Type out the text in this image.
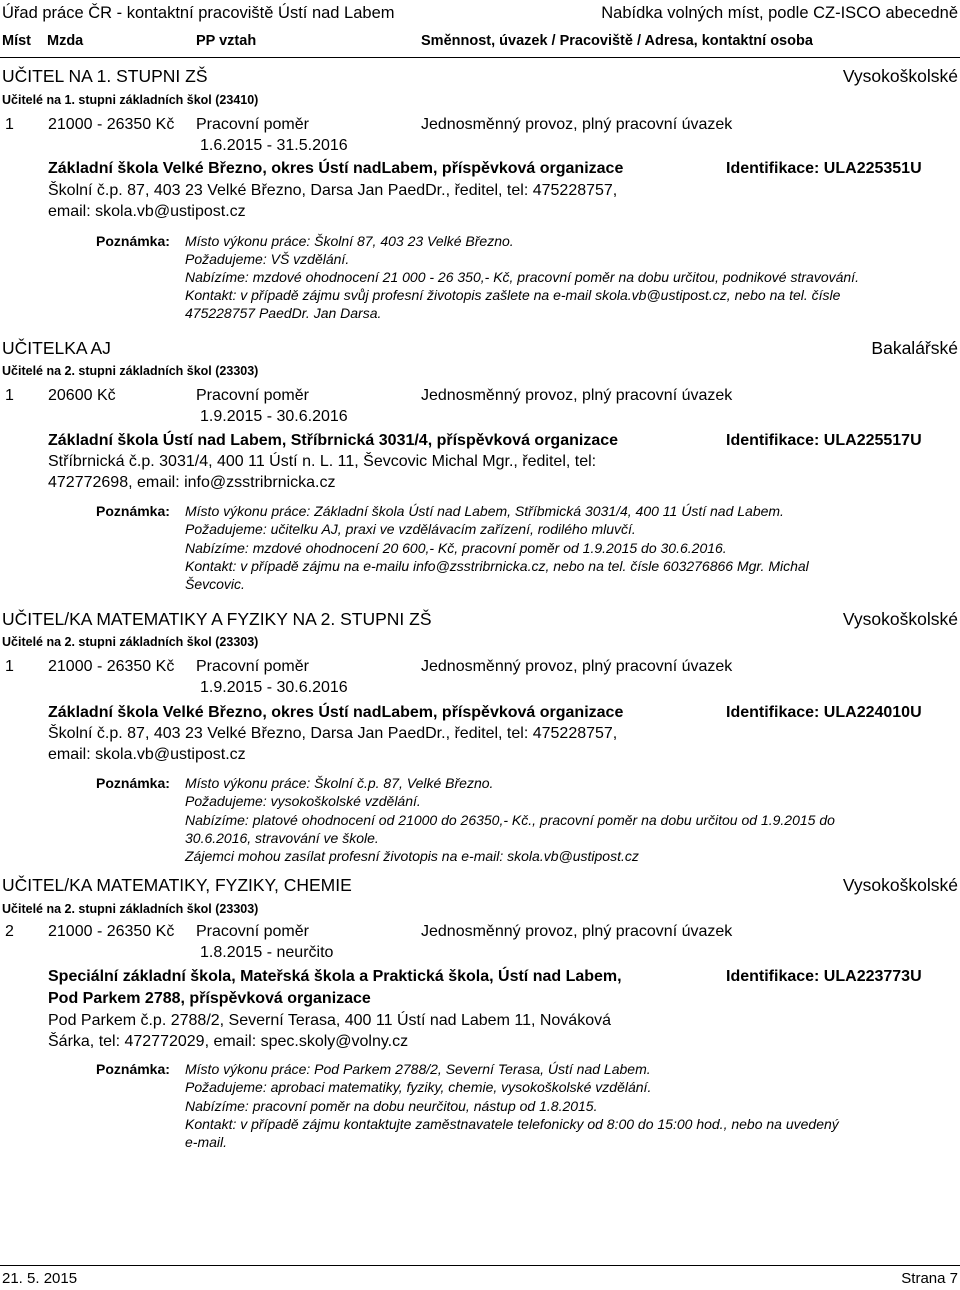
Úřad práce ČR - kontaktní pracoviště Ústí nad Labem	Nabídka volných míst, podle CZ-ISCO abecedně
Míst Mzda	PP vztah	Směnnost, úvazek / Pracoviště / Adresa, kontaktní osoba
UČITEL NA 1. STUPNI ZŠ	Vysokoškolské
Učitelé na 1. stupni základních škol (23410)
1 21000 - 26350 Kč Pracovní poměr	Jednosměnný provoz, plný pracovní úvazek
1.6.2015 - 31.5.2016
Základní škola Velké Březno, okres Ústí nadLabem, příspěvková organizace	Identifikace: ULA225351U
Školní č.p. 87, 403 23 Velké Březno, Darsa Jan PaedDr., ředitel, tel: 475228757,
email: skola.vb@ustipost.cz
Poznámka: Místo výkonu práce: Školní 87, 403 23 Velké Březno.
Požadujeme: VŠ vzdělání.
Nabízíme: mzdové ohodnocení 21 000 - 26 350,- Kč, pracovní poměr na dobu určitou, podnikové stravování.
Kontakt: v případě zájmu svůj profesní životopis zašlete na e-mail skola.vb@ustipost.cz, nebo na tel. čísle
475228757 PaedDr. Jan Darsa.
UČITELKA AJ	Bakalářské
Učitelé na 2. stupni základních škol (23303)
1 20600 Kč	Pracovní poměr	Jednosměnný provoz, plný pracovní úvazek
1.9.2015 - 30.6.2016
Základní škola Ústí nad Labem, Stříbrnická 3031/4, příspěvková organizace	Identifikace: ULA225517U
Stříbrnická č.p. 3031/4, 400 11 Ústí n. L. 11, Ševcovic Michal Mgr., ředitel, tel:
472772698, email: info@zsstribrnicka.cz
Poznámka: Místo výkonu práce: Základní škola Ústí nad Labem, Stříbmická 3031/4, 400 11 Ústí nad Labem.
Požadujeme: učitelku AJ, praxi ve vzdělávacím zařízení, rodilého mluvčí.
Nabízíme: mzdové ohodnocení 20 600,- Kč, pracovní poměr od 1.9.2015 do 30.6.2016.
Kontakt: v případě zájmu na e-mailu info@zsstribrnicka.cz, nebo na tel. čísle 603276866 Mgr. Michal
Ševcovic.
UČITEL/KA MATEMATIKY A FYZIKY NA 2. STUPNI ZŠ	Vysokoškolské
Učitelé na 2. stupni základních škol (23303)
1 21000 - 26350 Kč Pracovní poměr	Jednosměnný provoz, plný pracovní úvazek
1.9.2015 - 30.6.2016
Základní škola Velké Březno, okres Ústí nadLabem, příspěvková organizace	Identifikace: ULA224010U
Školní č.p. 87, 403 23 Velké Březno, Darsa Jan PaedDr., ředitel, tel: 475228757,
email: skola.vb@ustipost.cz
Poznámka: Místo výkonu práce: Školní č.p. 87, Velké Březno.
Požadujeme: vysokoškolské vzdělání.
Nabízíme: platové ohodnocení od 21000 do 26350,- Kč., pracovní poměr na dobu určitou od 1.9.2015 do
30.6.2016, stravování ve škole.
Zájemci mohou zasílat profesní životopis na e-mail: skola.vb@ustipost.cz
UČITEL/KA MATEMATIKY, FYZIKY, CHEMIE	Vysokoškolské
Učitelé na 2. stupni základních škol (23303)
2 21000 - 26350 Kč Pracovní poměr	Jednosměnný provoz, plný pracovní úvazek
1.8.2015 - neurčito
Speciální základní škola, Mateřská škola a Praktická škola, Ústí nad Labem,
Pod Parkem 2788, příspěvková organizace
Identifikace: ULA223773U
Pod Parkem č.p. 2788/2, Severní Terasa, 400 11 Ústí nad Labem 11, Nováková
Šárka, tel: 472772029, email: spec.skoly@volny.cz
Poznámka: Místo výkonu práce: Pod Parkem 2788/2, Severní Terasa, Ústí nad Labem.
Požadujeme: aprobaci matematiky, fyziky, chemie, vysokoškolské vzdělání.
Nabízíme: pracovní poměr na dobu neurčitou, nástup od 1.8.2015.
Kontakt: v případě zájmu kontaktujte zaměstnavatele telefonicky od 8:00 do 15:00 hod., nebo na uvedený
e-mail.
21. 5. 2015	Strana 7
